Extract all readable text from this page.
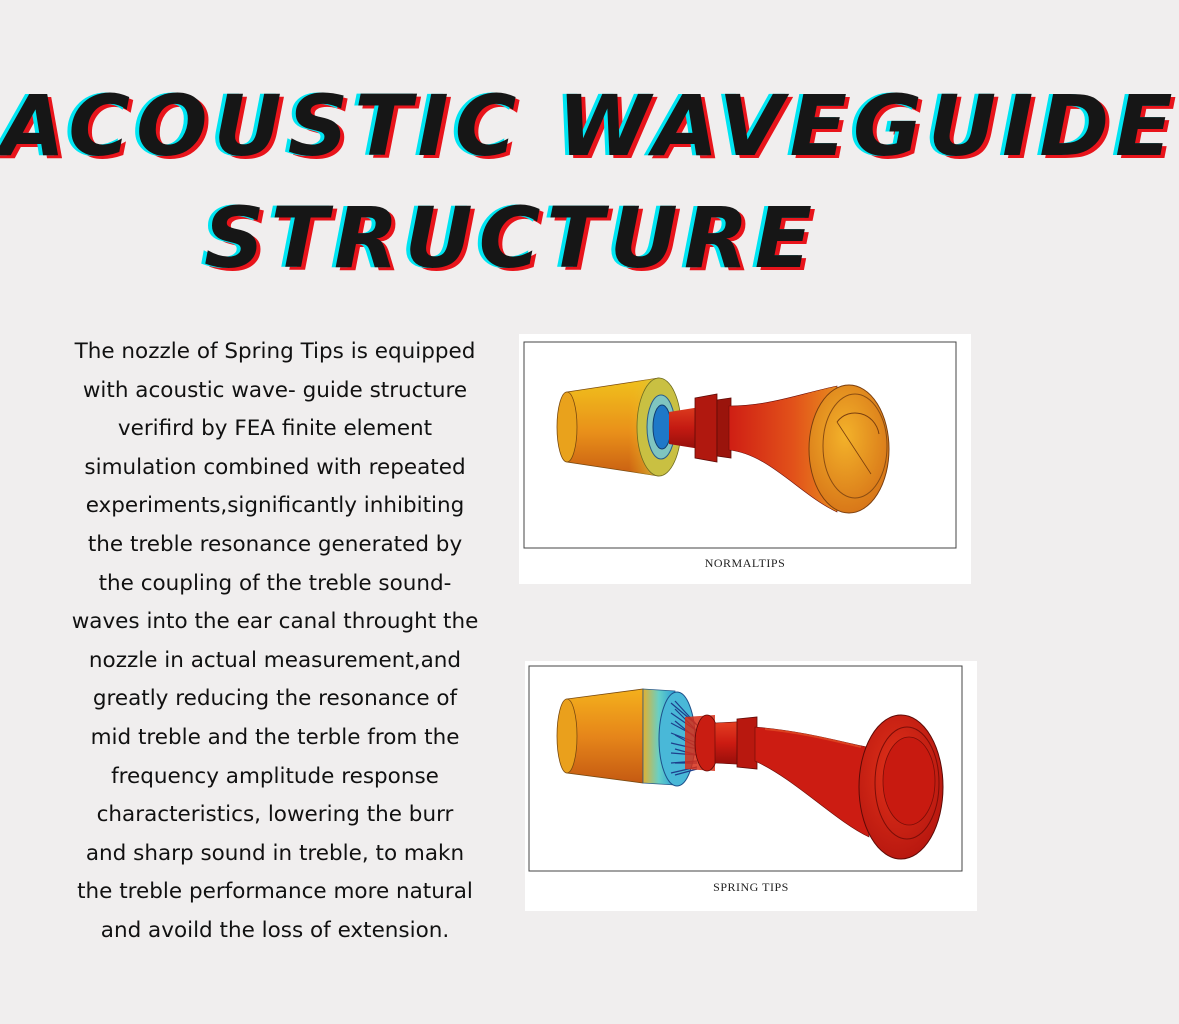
ACOUSTIC WAVEGUIDE
STRUCTURE
The nozzle of Spring Tips is equipped
with acoustic wave- guide structure
verifird by FEA finite element
simulation combined with repeated
experiments,significantly inhibiting
the treble resonance generated by
the coupling of the treble sound-
waves into the ear canal throught the
nozzle in actual measurement,and
greatly reducing the resonance of
mid treble and the terble from the
frequency amplitude response
characteristics, lowering the burr
and sharp sound in treble, to makn
the treble performance more natural
and avoild the loss of extension.
NORMALTIPS
SPRING TIPS
